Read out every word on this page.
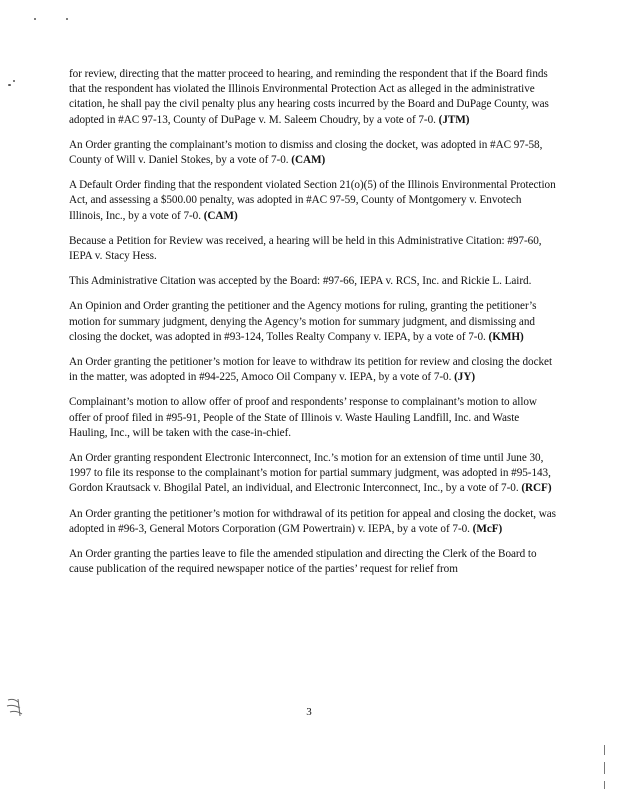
for review, directing that the matter proceed to hearing, and reminding the respondent that if the Board finds that the respondent has violated the Illinois Environmental Protection Act as alleged in the administrative citation, he shall pay the civil penalty plus any hearing costs incurred by the Board and DuPage County, was adopted in #AC 97-13, County of DuPage v. M. Saleem Choudry, by a vote of 7-0. (JTM)

An Order granting the complainant’s motion to dismiss and closing the docket, was adopted in #AC 97-58, County of Will v. Daniel Stokes, by a vote of 7-0. (CAM)

A Default Order finding that the respondent violated Section 21(o)(5) of the Illinois Environmental Protection Act, and assessing a $500.00 penalty, was adopted in #AC 97-59, County of Montgomery v. Envotech Illinois, Inc., by a vote of 7-0. (CAM)

Because a Petition for Review was received, a hearing will be held in this Administrative Citation: #97-60, IEPA v. Stacy Hess.

This Administrative Citation was accepted by the Board: #97-66, IEPA v. RCS, Inc. and Rickie L. Laird.

An Opinion and Order granting the petitioner and the Agency motions for ruling, granting the petitioner’s motion for summary judgment, denying the Agency’s motion for summary judgment, and dismissing and closing the docket, was adopted in #93-124, Tolles Realty Company v. IEPA, by a vote of 7-0. (KMH)

An Order granting the petitioner’s motion for leave to withdraw its petition for review and closing the docket in the matter, was adopted in #94-225, Amoco Oil Company v. IEPA, by a vote of 7-0. (JY)

Complainant’s motion to allow offer of proof and respondents’ response to complainant’s motion to allow offer of proof filed in #95-91, People of the State of Illinois v. Waste Hauling Landfill, Inc. and Waste Hauling, Inc., will be taken with the case-in-chief.

An Order granting respondent Electronic Interconnect, Inc.’s motion for an extension of time until June 30, 1997 to file its response to the complainant’s motion for partial summary judgment, was adopted in #95-143, Gordon Krautsack v. Bhogilal Patel, an individual, and Electronic Interconnect, Inc., by a vote of 7-0. (RCF)

An Order granting the petitioner’s motion for withdrawal of its petition for appeal and closing the docket, was adopted in #96-3, General Motors Corporation (GM Powertrain) v. IEPA, by a vote of 7-0. (McF)

An Order granting the parties leave to file the amended stipulation and directing the Clerk of the Board to cause publication of the required newspaper notice of the parties’ request for relief from

3
